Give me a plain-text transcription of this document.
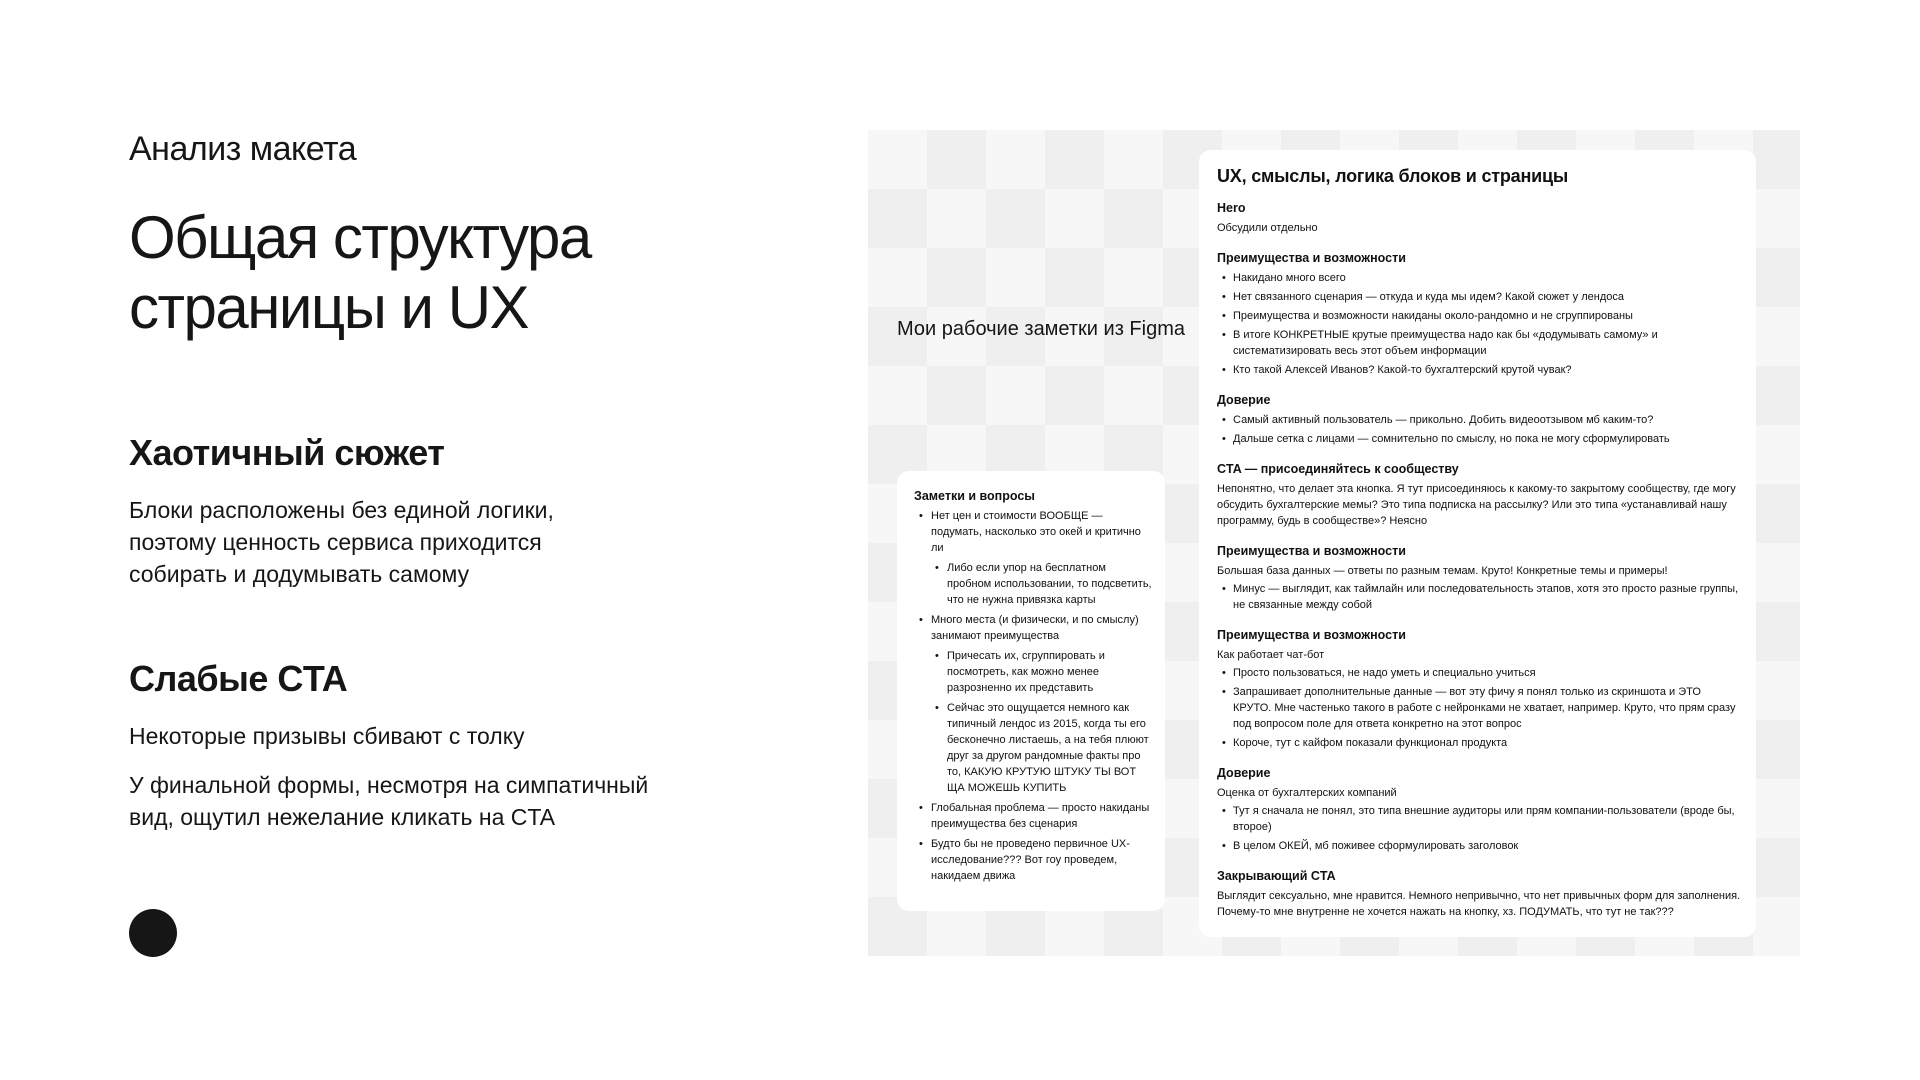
Анализ макета
Общая структура
страницы и UX
Хаотичный сюжет
Блоки расположены без единой логики,
поэтому ценность сервиса приходится
собирать и додумывать самому
Слабые CTA
Некоторые призывы сбивают с толку
У финальной формы, несмотря на симпатичный
вид, ощутил нежелание кликать на CTA
Мои рабочие заметки из Figma
Заметки и вопросы
• Нет цен и стоимости ВООБЩЕ — подумать, насколько это окей и критично ли
• Либо если упор на бесплатном пробном использовании, то подсветить, что не нужна привязка карты
• Много места (и физически, и по смыслу) занимают преимущества
• Причесать их, сгруппировать и посмотреть, как можно менее разрозненно их представить
• Сейчас это ощущается немного как типичный лендос из 2015, когда ты его бесконечно листаешь, а на тебя плюют друг за другом рандомные факты про то, КАКУЮ КРУТУЮ ШТУКУ ТЫ ВОТ ЩА МОЖЕШЬ КУПИТЬ
• Глобальная проблема — просто накиданы преимущества без сценария
• Будто бы не проведено первичное UX-исследование??? Вот гоу проведем, накидаем движа
UX, смыслы, логика блоков и страницы
Hero
Обсудили отдельно
Преимущества и возможности
• Накидано много всего
• Нет связанного сценария — откуда и куда мы идем? Какой сюжет у лендоса
• Преимущества и возможности накиданы около-рандомно и не сгруппированы
• В итоге КОНКРЕТНЫЕ крутые преимущества надо как бы «додумывать самому» и систематизировать весь этот объем информации
• Кто такой Алексей Иванов? Какой-то бухгалтерский крутой чувак?
Доверие
• Самый активный пользователь — прикольно. Добить видеоотзывом мб каким-то?
• Дальше сетка с лицами — сомнительно по смыслу, но пока не могу сформулировать
CTA — присоединяйтесь к сообществу
Непонятно, что делает эта кнопка. Я тут присоединяюсь к какому-то закрытому сообществу, где могу обсудить бухгалтерские мемы? Это типа подписка на рассылку? Или это типа «устанавливай нашу программу, будь в сообществе»? Неясно
Преимущества и возможности
Большая база данных — ответы по разным темам. Круто! Конкретные темы и примеры!
• Минус — выглядит, как таймлайн или последовательность этапов, хотя это просто разные группы, не связанные между собой
Преимущества и возможности
Как работает чат-бот
• Просто пользоваться, не надо уметь и специально учиться
• Запрашивает дополнительные данные — вот эту фичу я понял только из скриншота и ЭТО КРУТО. Мне частенько такого в работе с нейронками не хватает, например. Круто, что прям сразу под вопросом поле для ответа конкретно на этот вопрос
• Короче, тут с кайфом показали функционал продукта
Доверие
Оценка от бухгалтерских компаний
• Тут я сначала не понял, это типа внешние аудиторы или прям компании-пользователи (вроде бы, второе)
• В целом ОКЕЙ, мб поживее сформулировать заголовок
Закрывающий CTA
Выглядит сексуально, мне нравится. Немного непривычно, что нет привычных форм для заполнения. Почему-то мне внутренне не хочется нажать на кнопку, хз. ПОДУМАТЬ, что тут не так???
